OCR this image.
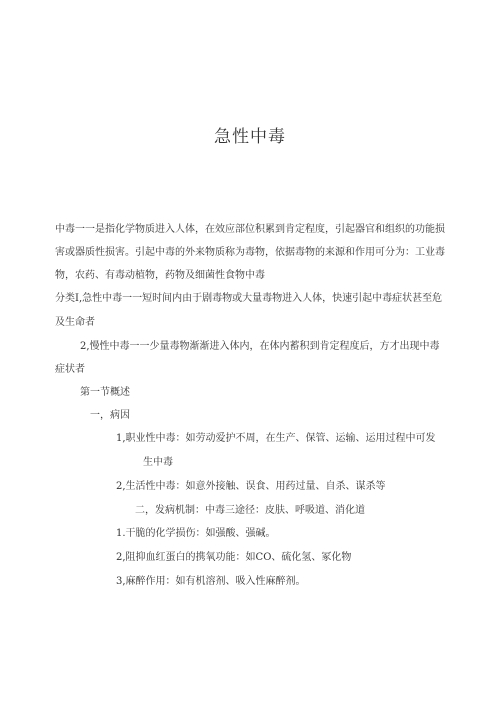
急性中毒
中毒一一是指化学物质进入人体，在效应部位积累到肯定程度，引起器官和组织的功能损
害或器质性损害。引起中毒的外来物质称为毒物，依据毒物的来源和作用可分为：工业毒
物，农药、有毒动植物，药物及细菌性食物中毒
分类I,急性中毒一一短时间内由于剧毒物或大量毒物进入人体，快速引起中毒症状甚至危
及生命者
2,慢性中毒一一少量毒物渐渐进入体内，在体内蓄积到肯定程度后，方才出现中毒
症状者
第一节概述
一，病因
1,职业性中毒：如劳动爱护不周，在生产、保管、运输、运用过程中可发
生中毒
2,生活性中毒：如意外接触、误食、用药过量、自杀、谋杀等
二，发病机制：中毒三途径：皮肤、呼吸道、消化道
1.干脆的化学损伤：如强酸、强碱。
2,阻抑血红蛋白的携氧功能：如CO、硫化氢、冢化物
3,麻醉作用：如有机溶剂、吸入性麻醉剂。
